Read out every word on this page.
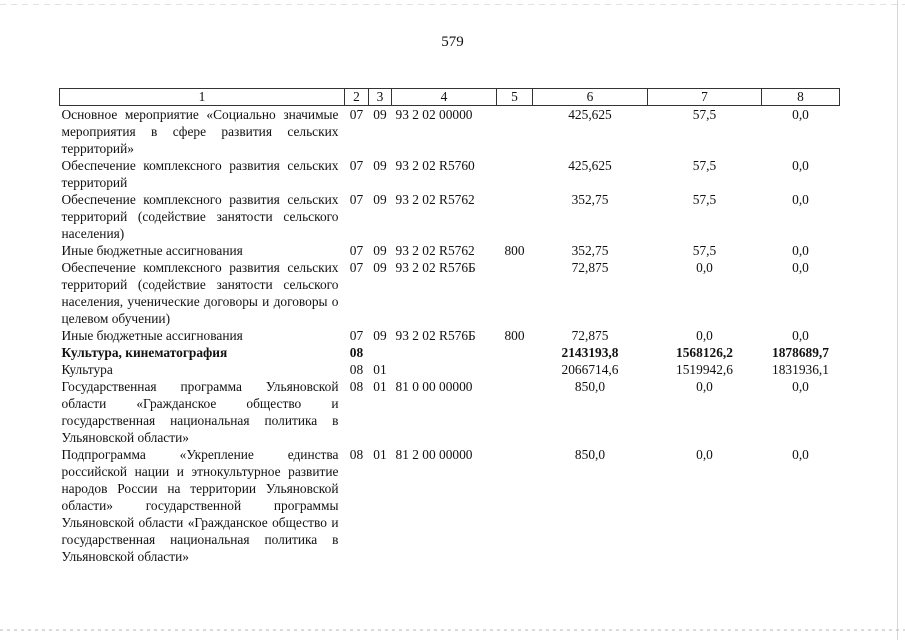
579
1	2	3	4	5	6	7	8
Основное мероприятие «Социально значимые мероприятия в сфере развития сельских территорий»	07	09	93 2 02 00000		425,625	57,5	0,0
Обеспечение комплексного развития сельских территорий	07	09	93 2 02 R5760		425,625	57,5	0,0
Обеспечение комплексного развития сельских территорий (содействие занятости сельского населения)	07	09	93 2 02 R5762		352,75	57,5	0,0
Иные бюджетные ассигнования	07	09	93 2 02 R5762	800	352,75	57,5	0,0
Обеспечение комплексного развития сельских территорий (содействие занятости сельского населения, ученические договоры и договоры о целевом обучении)	07	09	93 2 02 R576Б		72,875	0,0	0,0
Иные бюджетные ассигнования	07	09	93 2 02 R576Б	800	72,875	0,0	0,0
Культура, кинематография	08				2143193,8	1568126,2	1878689,7
Культура	08	01			2066714,6	1519942,6	1831936,1
Государственная программа Ульяновской области «Гражданское общество и государственная национальная политика в Ульяновской области»	08	01	81 0 00 00000		850,0	0,0	0,0
Подпрограмма «Укрепление единства российской нации и этнокультурное развитие народов России на территории Ульяновской области» государственной программы Ульяновской области «Гражданское общество и государственная национальная политика в Ульяновской области»	08	01	81 2 00 00000		850,0	0,0	0,0
